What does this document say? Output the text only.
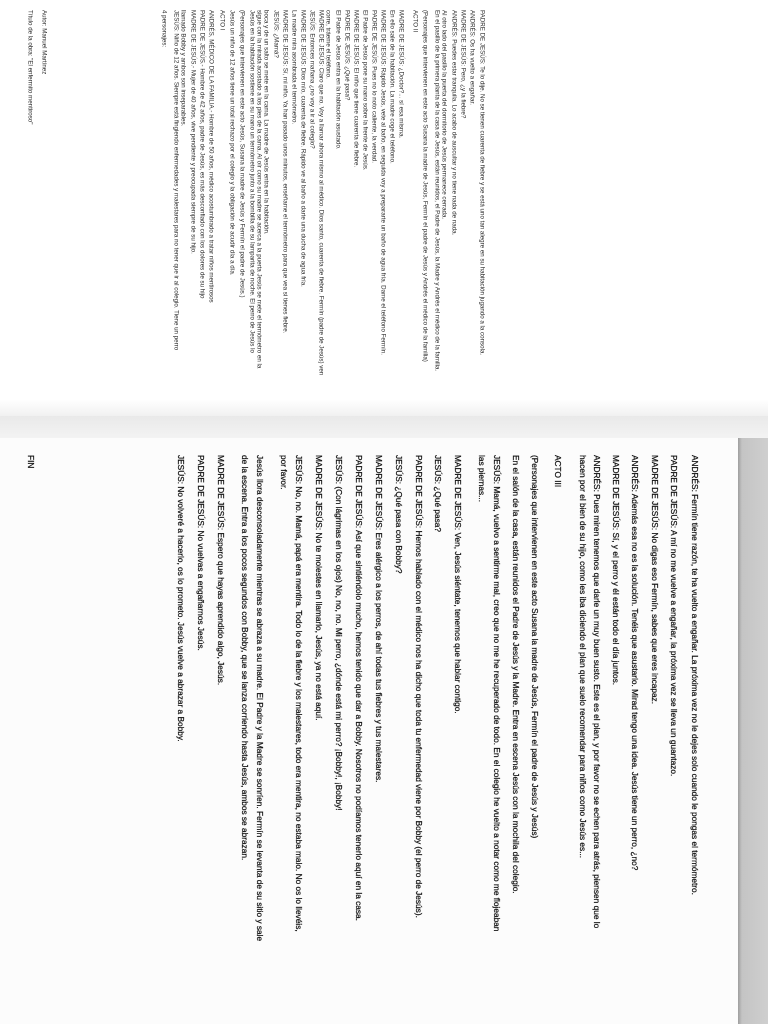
Título de la obra: "El enfermito mentiroso" Autor: Manuel Martínez	4 personajes: JESÚS: Niño de 12 años. Siempre está fingiendo enfermedades y malestares para no tener que ir al colegio. Tiene un perro llamado Bobby y ambos son inseparables. MADRE DE JESÚS.- Mujer de 40 años, vive pendiente y preocupada siempre de su hijo. PADRE DE JESÚS.- Hombre de 42 años, padre de Jesús, es más desconfiado con los dolores de su hijo ANDRÉS, MÉDICO DE LA FAMILIA.- Hombre de 50 años, médico acostumbrado a tratar niños mentirosos ACTO I Jesús un niño de 12 años tiene un total rechazo por el colegio y la obligación de acudir día a día. (Personajes que intervienen en este acto Jesús, Susana la madre de Jesús y Fermín el padre de Jesús.) Jesús en la habitación sostiene en su mano un termómetro junto a la bombilla de su lamparita de noche. El perro de Jesús lo sigue con la mirada acostado a los pies de la cama. Al oír como su madre se acerca a la puerta Jesús se mete el termómetro en la boca y de un salto se mete en la cama. La madre de Jesús entra en la habitación. JESÚS: ¿Mamá? MADRE DE JESÚS: Sí, mi niño. Ya han pasado unos minutos, enséñame el termómetro para que vea si tienes fiebre. La madre mira asombrada el termómetro. MADRE DE JESÚS: Dios mío, cuarenta de fiebre. Rápido ve al baño a darte una ducha de agua fría. JESÚS: Entonces mañana ¿no voy a ir al colegio? MADRE DE JESÚS: Claro que no. Voy a llamar ahora mismo al médico. Dios santo, cuarenta de fiebre. Fermín (padre de Jesús) ven corre, tráeme el teléfono. El Padre de Jesús entra en la habitación asustado. PADRE DE JESÚS: ¿Qué pasa? MADRE DE JESÚS: El niño que tiene cuarenta de fiebre. El Padre de Jesús pone su mano sobre la frente de Jesús. PADRE DE JESÚS: Pues no lo noto caliente, la verdad. MADRE DE JESÚS: Rápido Jesús, vete al baño, en seguida voy a prepararte un baño de agua fría. Dame el teléfono Fermín. En ello sale de la habitación. La madre coge el teléfono. MADRE DE JESÚS: ¿Doctor?... sí esa misma. ACTO II (Personajes que intervienen en este acto Susana la madre de Jesús, Fermín el padre de Jesús y Andrés el médico de la familia) En el pasillo de la primera planta de la casa de Jesús, están reunidos, el Padre de Jesús, la Madre y Andrés el médico de la familia. Al otro lado del pasillo la puerta del dormitorio de Jesús permanece cerrada. ANDRÉS: Puedes estar tranquila. Lo acabo de auscultar y no tiene nada de nada. MADRE DE JESÚS: Pero, ¿y la fiebre? ANDRÉS: Os ha vuelto a engañar. PADRE DE JESÚS: Te lo dije. No se tienen cuarenta de fiebre y se está uno tan alegre en su habitación jugando a la consola.
ANDRÉS: Fermín tiene razón, te ha vuelto a engañar. La próxima vez no le dejes solo cuando le pongas el termómetro.
PADRE DE JESÚS: A mí no me vuelve a engañar, la próxima vez se lleva un guantazo.
MADRE DE JESÚS: No digas eso Fermín, sabes que eres incapaz.
ANDRÉS: Además esa no es la solución. Tenéis que asustarlo. Mirad tengo una idea. Jesús tiene un perro, ¿no?
MADRE DE JESÚS: Sí, y el perro y él están todo el día juntos.
ANDRÉS: Pues miren tenemos que darle un muy buen susto. Este es el plan, y por favor no se echen para atrás, piensen que lo
hacen por el bien de su hijo, como les iba diciendo el plan que suelo recomendar para niños como Jesús es...
ACTO III
(Personajes que intervienen en este acto Susana la madre de Jesús, Fermín el padre de Jesús y Jesús)
En el salón de la casa, están reunidos el Padre de Jesús y la Madre. Entra en escena Jesús con la mochila del colegio.
JESÚS: Mamá, vuelvo a sentirme mal, creo que no me he recuperado de todo. En el colegio he vuelto a notar como me flojeaban
las piernas...
MADRE DE JESÚS: Ven, Jesús siéntate, tenemos que hablar contigo.
JESÚS: ¿Qué pasa?
PADRE DE JESÚS: Hemos hablado con el médico nos ha dicho que toda tu enfermedad viene por Bobby (el perro de Jesús).
JESÚS: ¿Qué pasa con Bobby?
MADRE DE JESÚS: Eres alérgico a los perros, de ahí todas tus fiebres y tus malestares.
PADRE DE JESÚS: Así que sintiéndolo mucho, hemos tenido que dar a Bobby. Nosotros no podíamos tenerlo aquí en la casa.
JESÚS: (Con lágrimas en los ojos) No, no, no. Mi perro, ¿dónde está mi perro? ¡Bobby!, ¡Bobby!
MADRE DE JESÚS: No te molestes en llamarlo, Jesús, ya no está aquí.
JESÚS: No, no. Mamá, papá era mentira. Todo lo de la fiebre y los malestares, todo era mentira, no estaba malo. No os lo llevéis,
por favor.
Jesús llora desconsoladamente mientras se abraza a su madre. El Padre y la Madre se sonríen. Fermín se levanta de su sitio y sale
de la escena. Entra a los pocos segundos con Bobby, que se lanza corriendo hasta Jesús, ambos se abrazan.
MADRE DE JESÚS: Espero que hayas aprendido algo, Jesús.
PADRE DE JESÚS: No vuelvas a engañarnos Jesús.
JESÚS: No volveré a hacerlo, os lo prometo. Jesús vuelve a abrazar a Bobby.
FIN
